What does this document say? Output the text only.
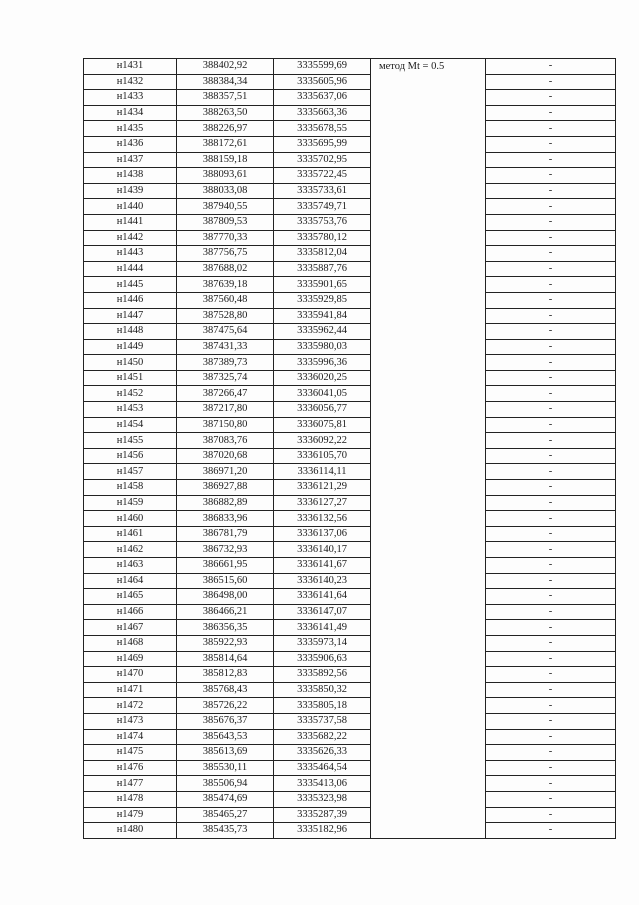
н1431	388402,92	3335599,69	метод Mt = 0.5	-
н1432	388384,34	3335605,96		-
н1433	388357,51	3335637,06		-
н1434	388263,50	3335663,36		-
н1435	388226,97	3335678,55		-
н1436	388172,61	3335695,99		-
н1437	388159,18	3335702,95		-
н1438	388093,61	3335722,45		-
н1439	388033,08	3335733,61		-
н1440	387940,55	3335749,71		-
н1441	387809,53	3335753,76		-
н1442	387770,33	3335780,12		-
н1443	387756,75	3335812,04		-
н1444	387688,02	3335887,76		-
н1445	387639,18	3335901,65		-
н1446	387560,48	3335929,85		-
н1447	387528,80	3335941,84		-
н1448	387475,64	3335962,44		-
н1449	387431,33	3335980,03		-
н1450	387389,73	3335996,36		-
н1451	387325,74	3336020,25		-
н1452	387266,47	3336041,05		-
н1453	387217,80	3336056,77		-
н1454	387150,80	3336075,81		-
н1455	387083,76	3336092,22		-
н1456	387020,68	3336105,70		-
н1457	386971,20	3336114,11		-
н1458	386927,88	3336121,29		-
н1459	386882,89	3336127,27		-
н1460	386833,96	3336132,56		-
н1461	386781,79	3336137,06		-
н1462	386732,93	3336140,17		-
н1463	386661,95	3336141,67		-
н1464	386515,60	3336140,23		-
н1465	386498,00	3336141,64		-
н1466	386466,21	3336147,07		-
н1467	386356,35	3336141,49		-
н1468	385922,93	3335973,14		-
н1469	385814,64	3335906,63		-
н1470	385812,83	3335892,56		-
н1471	385768,43	3335850,32		-
н1472	385726,22	3335805,18		-
н1473	385676,37	3335737,58		-
н1474	385643,53	3335682,22		-
н1475	385613,69	3335626,33		-
н1476	385530,11	3335464,54		-
н1477	385506,94	3335413,06		-
н1478	385474,69	3335323,98		-
н1479	385465,27	3335287,39		-
н1480	385435,73	3335182,96		-
